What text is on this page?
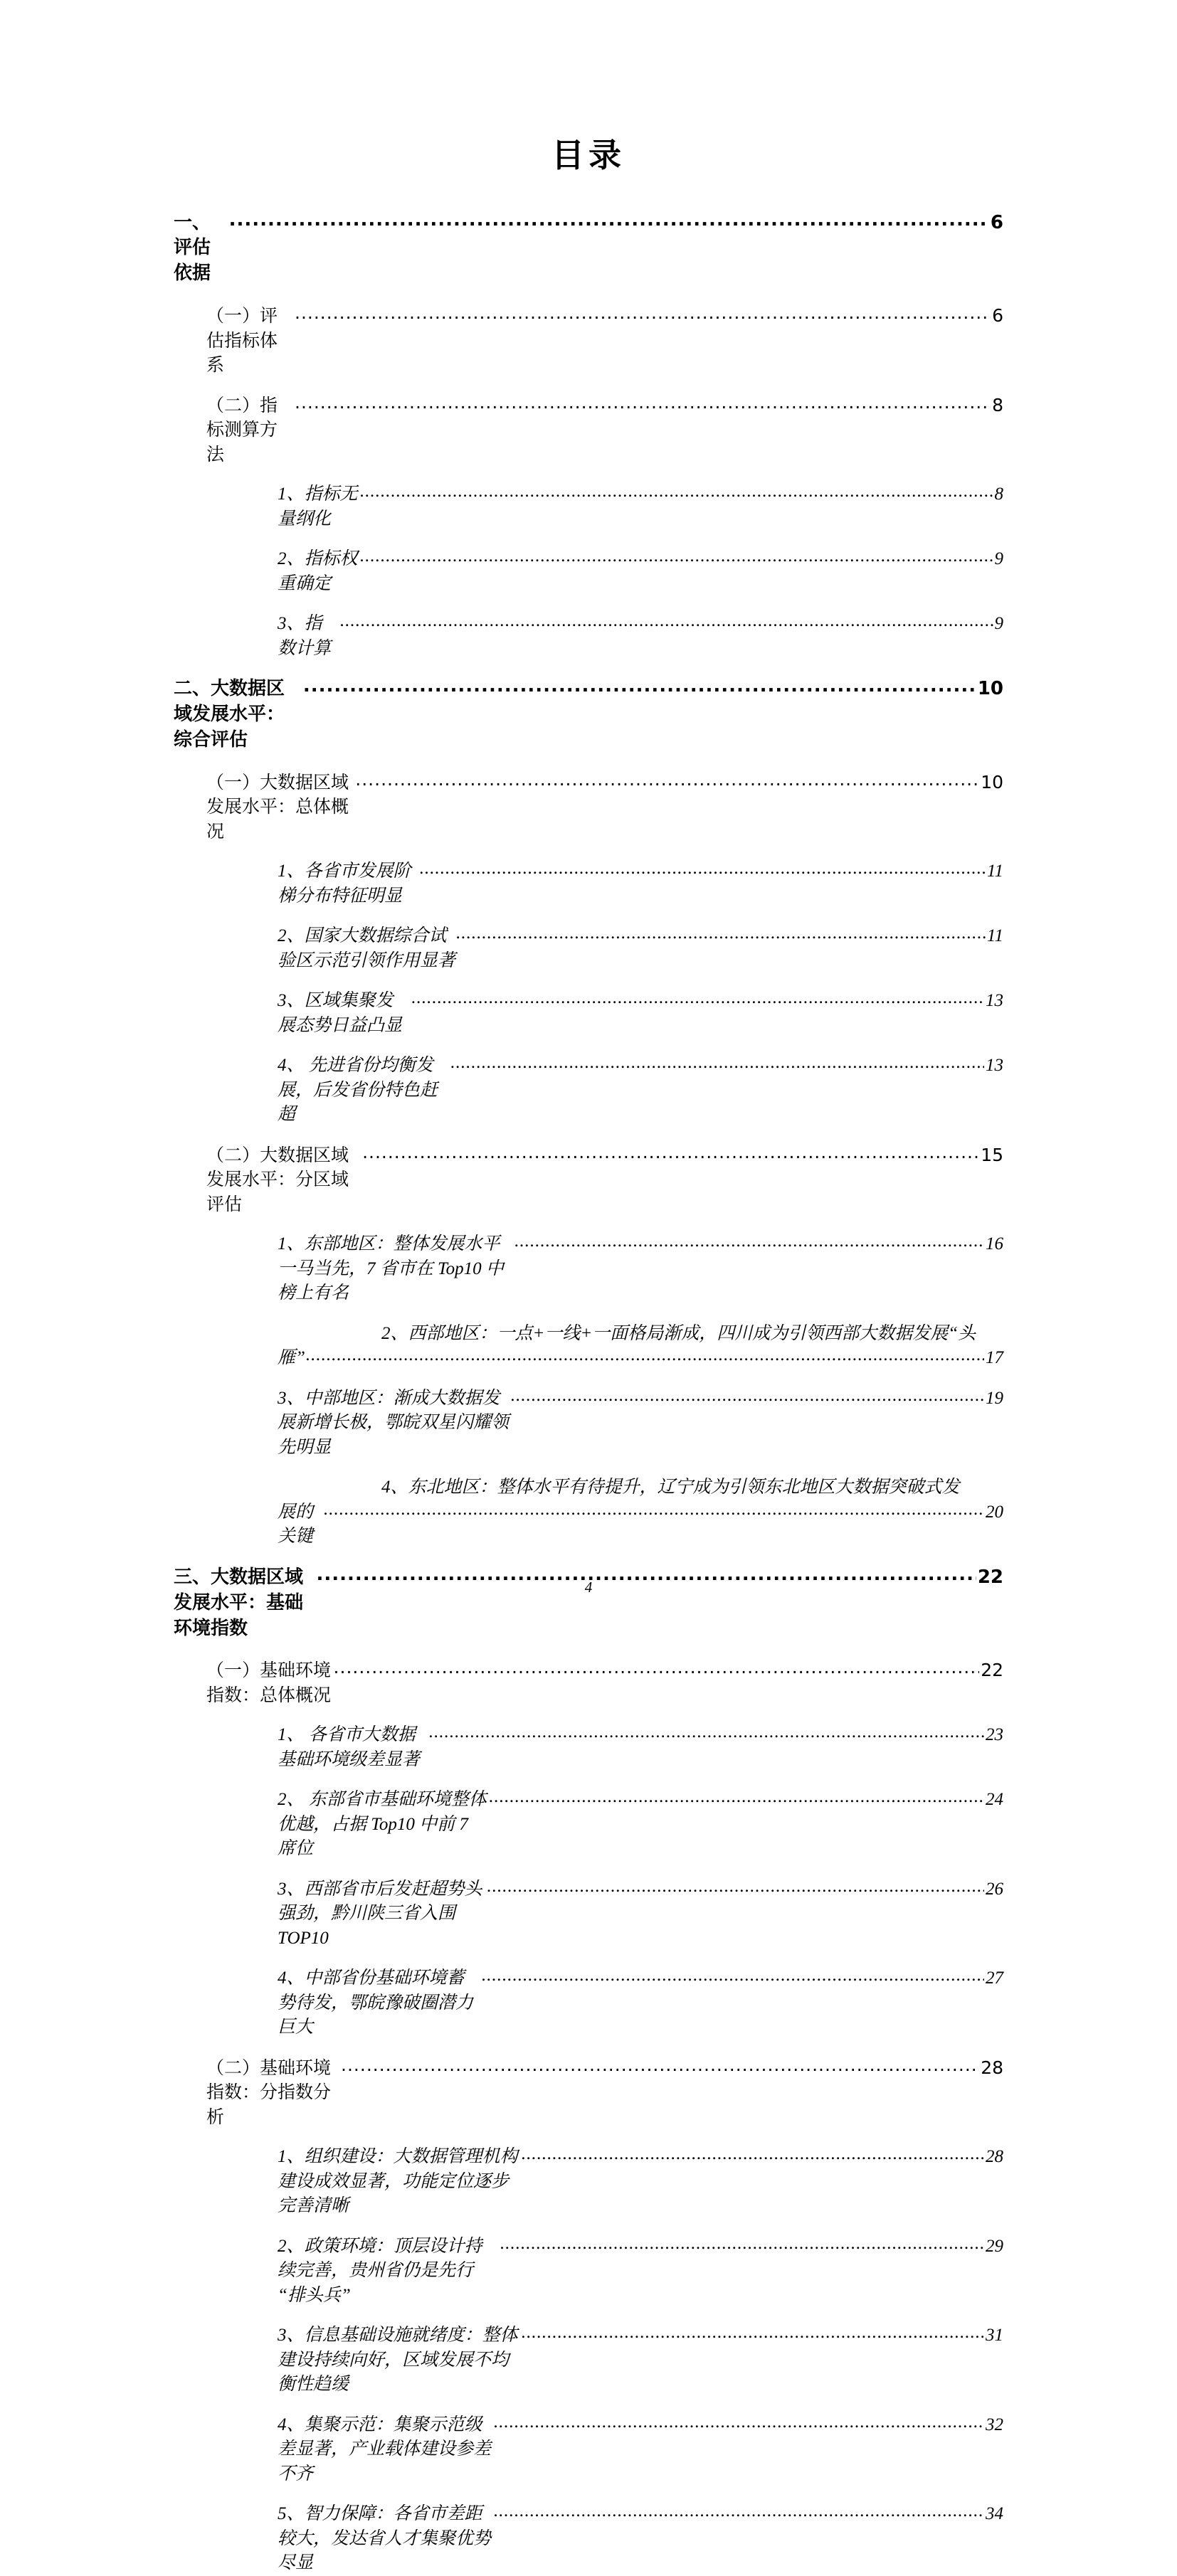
目录
一、评估依据
.....
6
（一）评估指标体系
.....
6
（二）指标测算方法
.....
8
1、指标无量纲化
.....
8
2、指标权重确定
.....
9
3、指数计算
.....
9
二、大数据区域发展水平：综合评估
.....
10
（一）大数据区域发展水平：总体概况
.....
10
1、各省市发展阶梯分布特征明显
.....
11
2、国家大数据综合试验区示范引领作用显著
.....
11
3、区域集聚发展态势日益凸显
.....
13
4、 先进省份均衡发展，后发省份特色赶超
.....
13
（二）大数据区域发展水平：分区域评估
.....
15
1、东部地区：整体发展水平一马当先，7 省市在 Top10 中榜上有名
.....
16
2、西部地区：一点+一线+一面格局渐成，四川成为引领西部大数据发展“头
雁” .....	17
3、中部地区：渐成大数据发展新增长极，鄂皖双星闪耀领先明显
.....
19
4、东北地区：整体水平有待提升，辽宁成为引领东北地区大数据突破式发
展的关键
.....
20
三、大数据区域发展水平：基础环境指数
.....
22
（一）基础环境指数：总体概况
.....
22
1、 各省市大数据基础环境级差显著
.....
23
2、 东部省市基础环境整体优越，占据 Top10 中前 7 席位
.....
24
3、西部省市后发赶超势头强劲，黔川陕三省入围TOP10
.....
26
4、中部省份基础环境蓄势待发，鄂皖豫破圈潜力巨大
.....
27
（二）基础环境指数：分指数分析
.....
28
1、组织建设：大数据管理机构建设成效显著，功能定位逐步完善清晰
.....
28
2、政策环境：顶层设计持续完善，贵州省仍是先行“排头兵”
.....
29
3、信息基础设施就绪度：整体建设持续向好，区域发展不均衡性趋缓
.....
31
4、集聚示范：集聚示范级差显著，产业载体建设参差不齐
.....
32
5、智力保障：各省市差距较大，发达省人才集聚优势尽显
.....
34
4
